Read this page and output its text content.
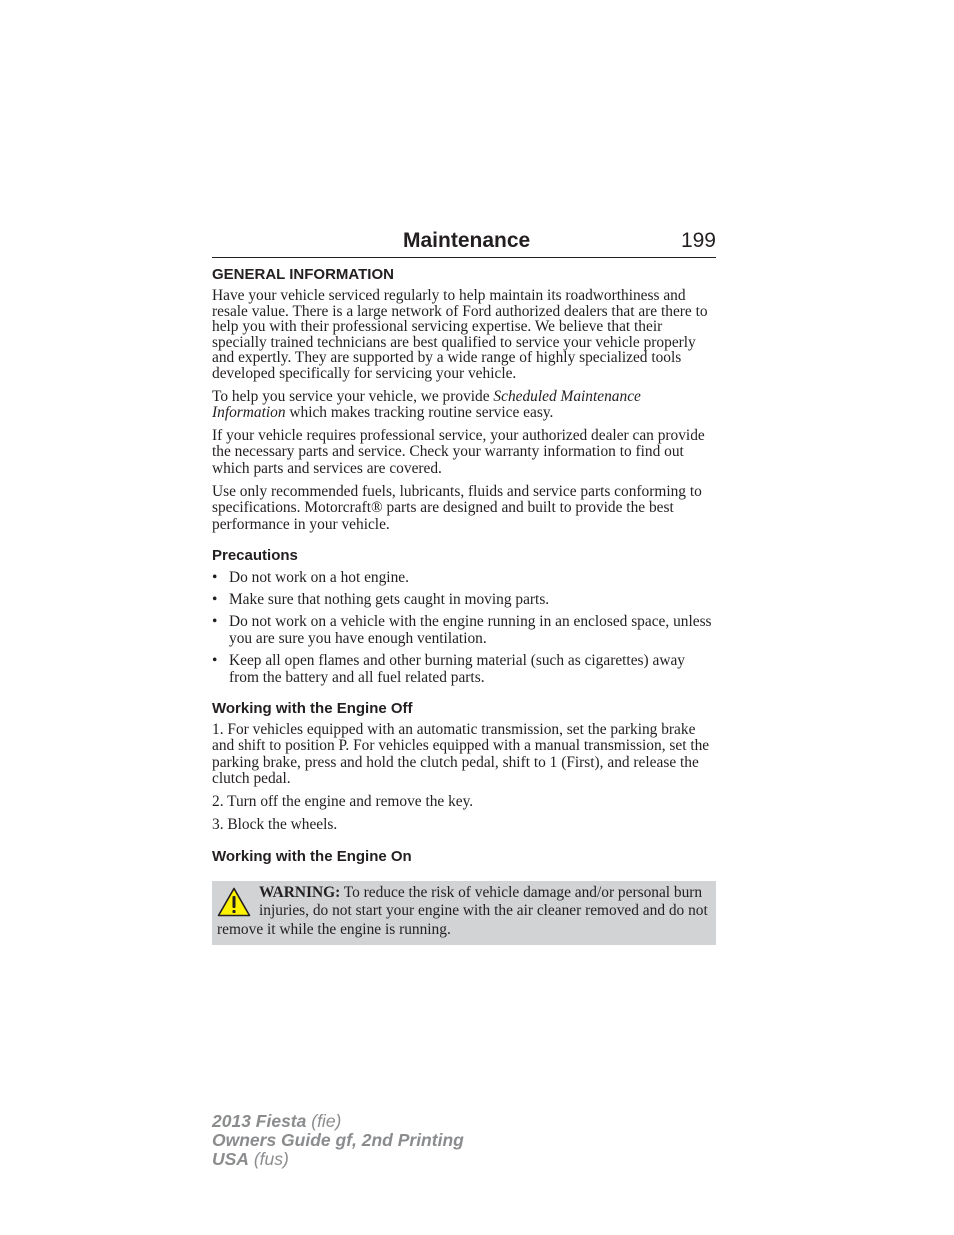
Maintenance	199
GENERAL INFORMATION

Have your vehicle serviced regularly to help maintain its roadworthiness and resale value. There is a large network of Ford authorized dealers that are there to help you with their professional servicing expertise. We believe that their specially trained technicians are best qualified to service your vehicle properly and expertly. They are supported by a wide range of highly specialized tools developed specifically for servicing your vehicle.

To help you service your vehicle, we provide Scheduled Maintenance Information which makes tracking routine service easy.

If your vehicle requires professional service, your authorized dealer can provide the necessary parts and service. Check your warranty information to find out which parts and services are covered.

Use only recommended fuels, lubricants, fluids and service parts conforming to specifications. Motorcraft® parts are designed and built to provide the best performance in your vehicle.

Precautions
• Do not work on a hot engine.
• Make sure that nothing gets caught in moving parts.
• Do not work on a vehicle with the engine running in an enclosed space, unless you are sure you have enough ventilation.
• Keep all open flames and other burning material (such as cigarettes) away from the battery and all fuel related parts.
Working with the Engine Off

1. For vehicles equipped with an automatic transmission, set the parking brake and shift to position P. For vehicles equipped with a manual transmission, set the parking brake, press and hold the clutch pedal, shift to 1 (First), and release the clutch pedal.

2. Turn off the engine and remove the key.

3. Block the wheels.

Working with the Engine On

WARNING: To reduce the risk of vehicle damage and/or personal burn injuries, do not start your engine with the air cleaner removed and do not remove it while the engine is running.

2013 Fiesta (fie)
Owners Guide gf, 2nd Printing
USA (fus)
